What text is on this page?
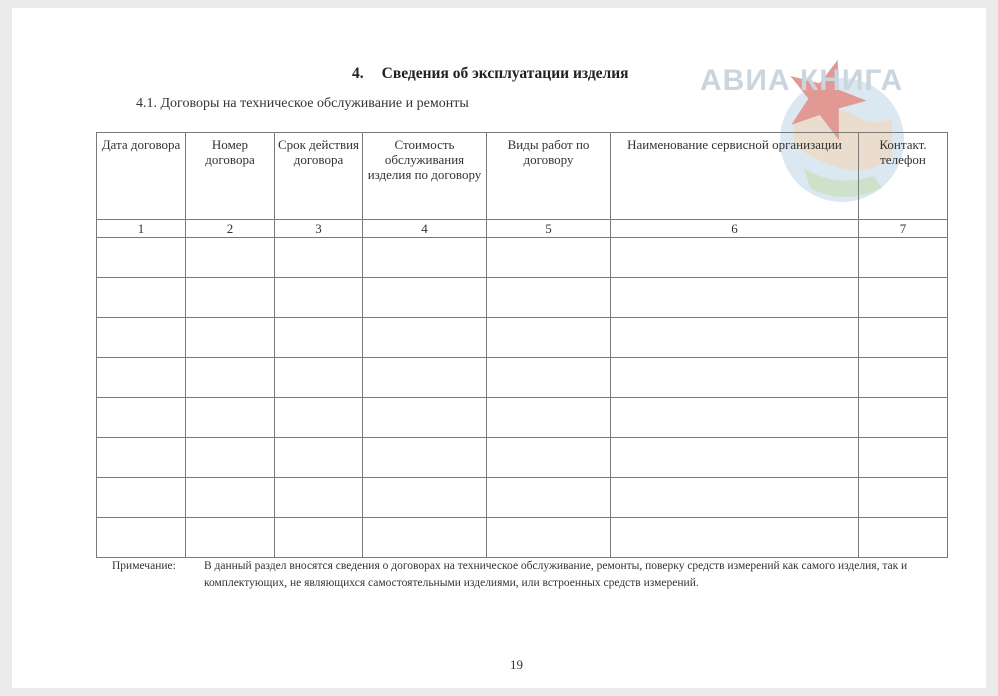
АВИА КНИГА
4. Сведения об эксплуатации изделия
4.1. Договоры на техническое обслуживание и ремонты
Дата договора	Номер договора	Срок действия договора	Стоимость обслуживания изделия по договору	Виды работ по договору	Наименование сервисной организации	Контакт. телефон
1	2	3	4	5	6	7

Примечание: В данный раздел вносятся сведения о договорах на техническое обслуживание, ремонты, поверку средств измерений как самого изделия, так и комплектующих, не являющихся самостоятельными изделиями, или встроенных средств измерений.
19
